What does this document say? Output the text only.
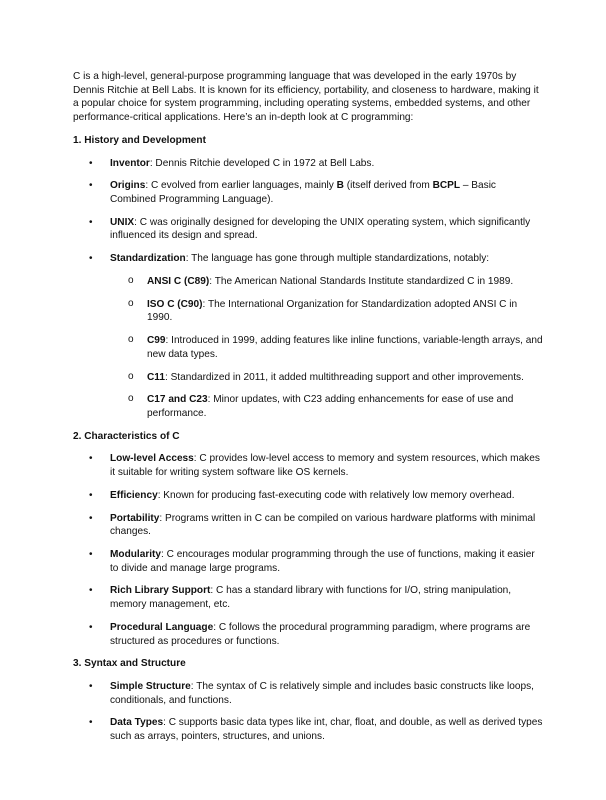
C is a high-level, general-purpose programming language that was developed in the early 1970s by Dennis Ritchie at Bell Labs. It is known for its efficiency, portability, and closeness to hardware, making it a popular choice for system programming, including operating systems, embedded systems, and other performance-critical applications. Here’s an in-depth look at C programming:

1. History and Development
• Inventor: Dennis Ritchie developed C in 1972 at Bell Labs.
• Origins: C evolved from earlier languages, mainly B (itself derived from BCPL – Basic Combined Programming Language).
• UNIX: C was originally designed for developing the UNIX operating system, which significantly influenced its design and spread.
• Standardization: The language has gone through multiple standardizations, notably:
o ANSI C (C89): The American National Standards Institute standardized C in 1989.
o ISO C (C90): The International Organization for Standardization adopted ANSI C in 1990.
o C99: Introduced in 1999, adding features like inline functions, variable-length arrays, and new data types.
o C11: Standardized in 2011, it added multithreading support and other improvements.
o C17 and C23: Minor updates, with C23 adding enhancements for ease of use and performance.
2. Characteristics of C
• Low-level Access: C provides low-level access to memory and system resources, which makes it suitable for writing system software like OS kernels.
• Efficiency: Known for producing fast-executing code with relatively low memory overhead.
• Portability: Programs written in C can be compiled on various hardware platforms with minimal changes.
• Modularity: C encourages modular programming through the use of functions, making it easier to divide and manage large programs.
• Rich Library Support: C has a standard library with functions for I/O, string manipulation, memory management, etc.
• Procedural Language: C follows the procedural programming paradigm, where programs are structured as procedures or functions.
3. Syntax and Structure
• Simple Structure: The syntax of C is relatively simple and includes basic constructs like loops, conditionals, and functions.
• Data Types: C supports basic data types like int, char, float, and double, as well as derived types such as arrays, pointers, structures, and unions.
